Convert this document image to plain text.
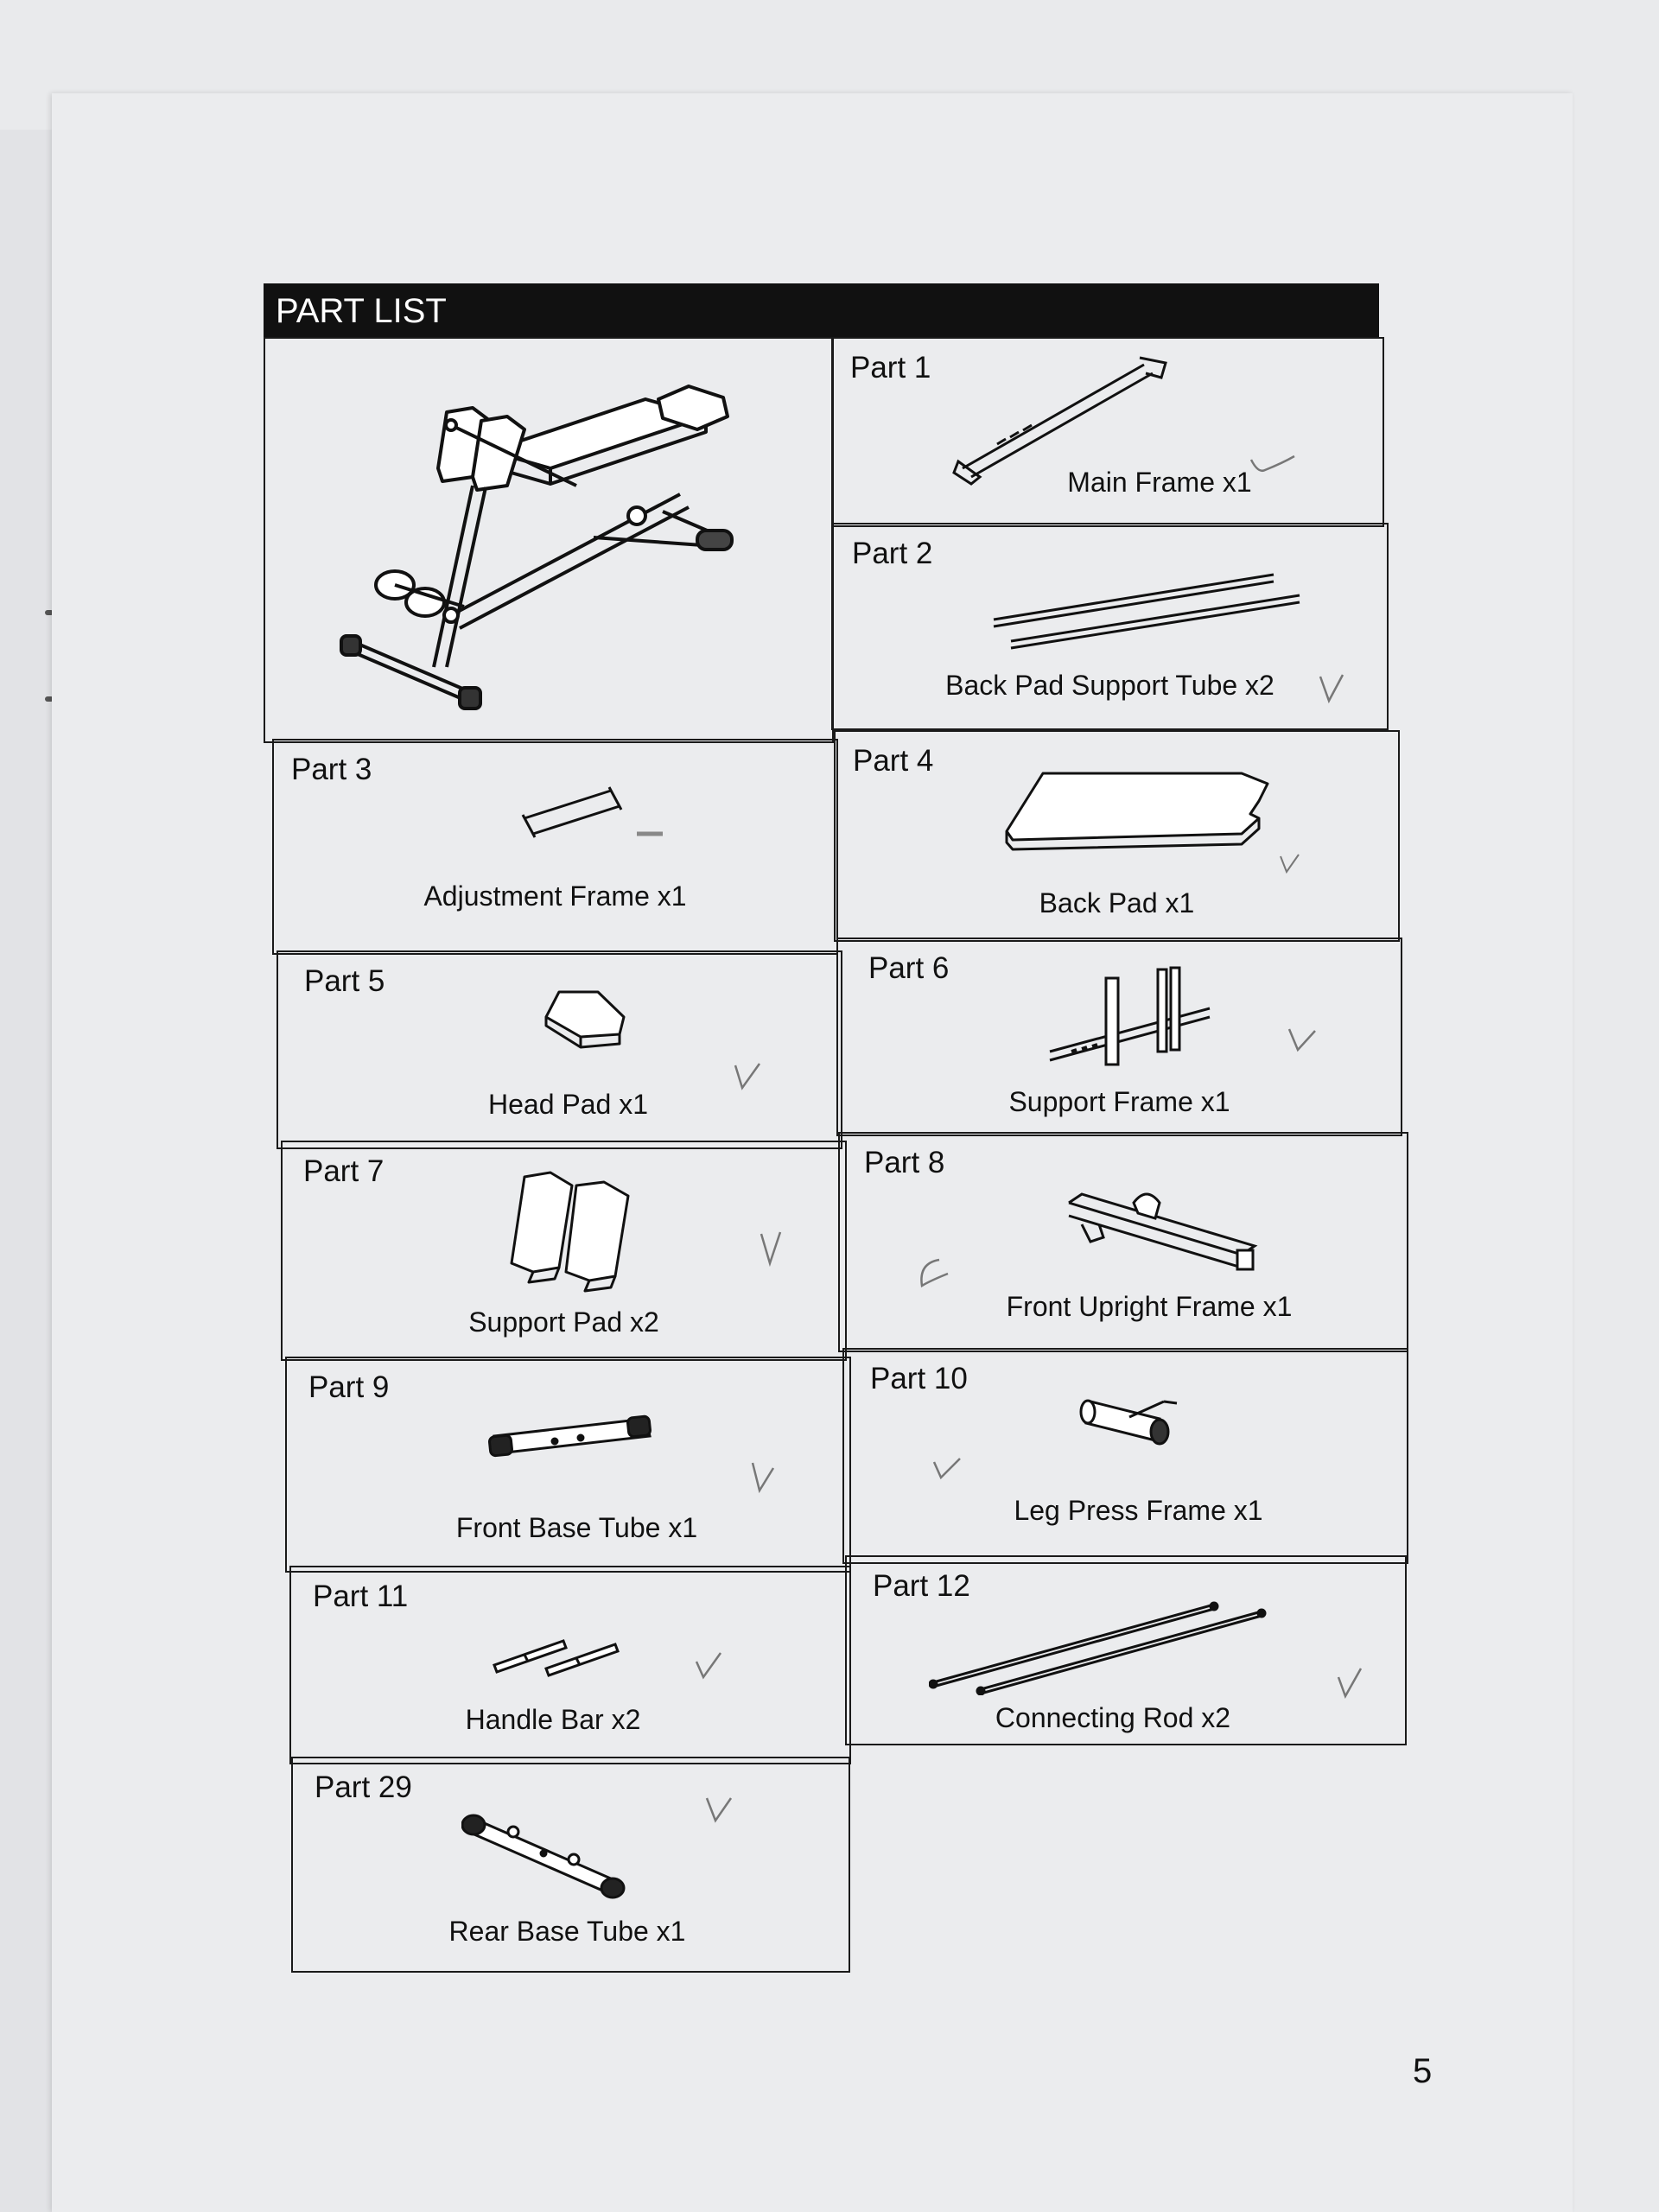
PART LIST
Part 1
Main Frame x1
Part 2
Back Pad Support Tube x2
Part 3
Adjustment Frame x1
Part 4
Back Pad x1
Part 5
Head Pad x1
Part 6
Support Frame x1
Part 7
Support Pad x2
Part 8
Front Upright Frame x1
Part 9
Front Base Tube x1
Part 10
Leg Press Frame x1
Part 11
Handle Bar x2
Part 12
Connecting Rod x2
Part 29
Rear Base Tube x1
5
